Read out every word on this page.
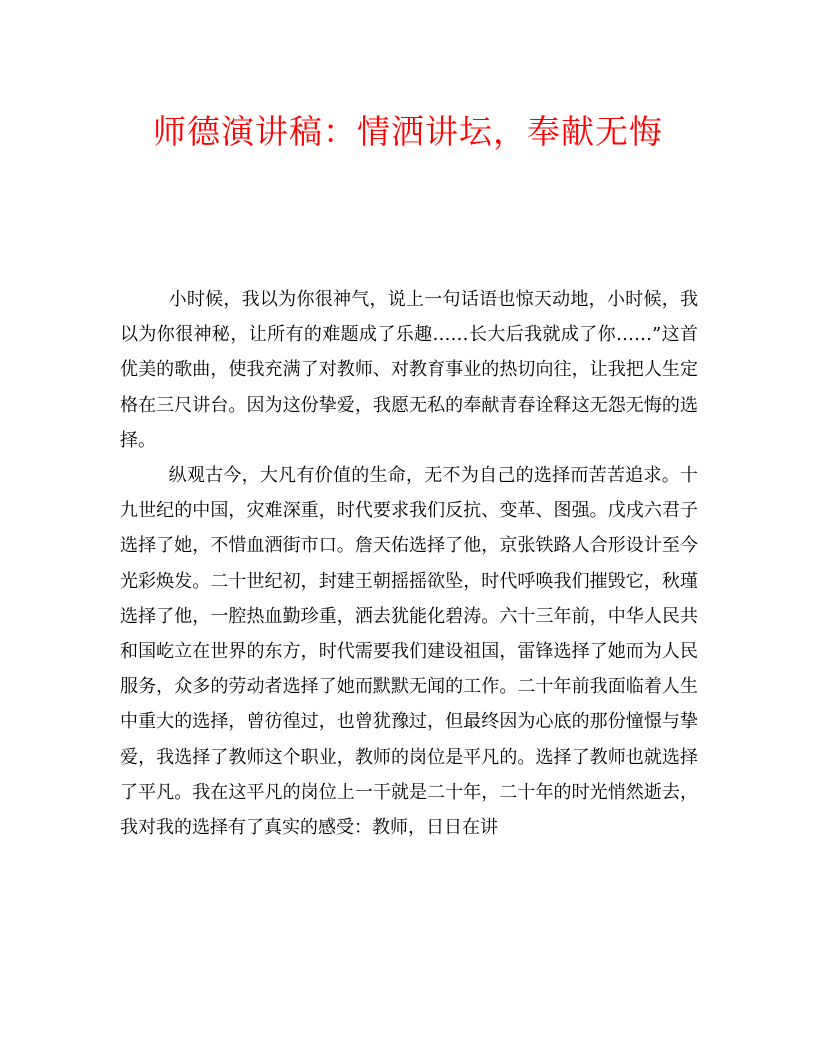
师德演讲稿：情洒讲坛，奉献无悔

小时候，我以为你很神气，说上一句话语也惊天动地，小时候，我以为你很神秘，让所有的难题成了乐趣……长大后我就成了你……”这首优美的歌曲，使我充满了对教师、对教育事业的热切向往，让我把人生定格在三尺讲台。因为这份挚爱，我愿无私的奉献青春诠释这无怨无悔的选择。

纵观古今，大凡有价值的生命，无不为自己的选择而苦苦追求。十九世纪的中国，灾难深重，时代要求我们反抗、变革、图强。戊戌六君子选择了她，不惜血洒街市口。詹天佑选择了他，京张铁路人合形设计至今光彩焕发。二十世纪初，封建王朝摇摇欲坠，时代呼唤我们摧毁它，秋瑾选择了他，一腔热血勤珍重，洒去犹能化碧涛。六十三年前，中华人民共和国屹立在世界的东方，时代需要我们建设祖国，雷锋选择了她而为人民服务，众多的劳动者选择了她而默默无闻的工作。二十年前我面临着人生中重大的选择，曾彷徨过，也曾犹豫过，但最终因为心底的那份憧憬与挚爱，我选择了教师这个职业，教师的岗位是平凡的。选择了教师也就选择了平凡。我在这平凡的岗位上一干就是二十年，二十年的时光悄然逝去，我对我的选择有了真实的感受：教师，日日在讲
